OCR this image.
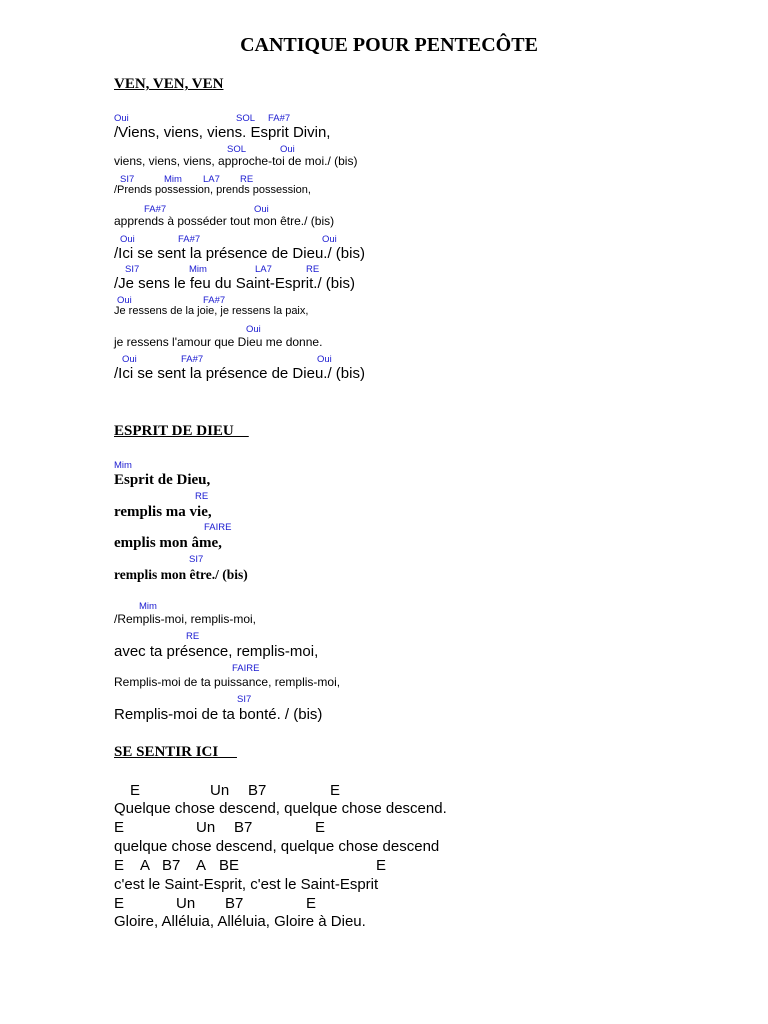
CANTIQUE POUR PENTECÔTE
VEN, VEN, VEN
Oui	SOL FA#7
/Viens, viens, viens. Esprit Divin,
SOL	Oui
viens, viens, viens, approche-toi de moi./ (bis)
SI7	Mim LA7 RE
/Prends possession, prends possession,
FA#7	Oui
apprends à posséder tout mon être./ (bis)
Oui	FA#7	Oui
/Ici se sent la présence de Dieu./ (bis)
SI7	Mim	LA7	RE
/Je sens le feu du Saint-Esprit./ (bis)
Oui	FA#7
Je ressens de la joie, je ressens la paix,
Oui
je ressens l'amour que Dieu me donne.
Oui	FA#7	Oui
/Ici se sent la présence de Dieu./ (bis)
ESPRIT DE DIEU
Mim
Esprit de Dieu,
RE
remplis ma vie,
FAIRE
emplis mon âme,
SI7
remplis mon être./ (bis)
Mim
/Remplis-moi, remplis-moi,
RE
avec ta présence, remplis-moi,
FAIRE
Remplis-moi de ta puissance, remplis-moi,
SI7
Remplis-moi de ta bonté. / (bis)
SE SENTIR ICI
E	Un B7	E
Quelque chose descend, quelque chose descend.
E	Un B7	E
quelque chose descend, quelque chose descend
E A B7 A BE	E
c'est le Saint-Esprit, c'est le Saint-Esprit
E	Un B7	E
Gloire, Alléluia, Alléluia, Gloire à Dieu.
